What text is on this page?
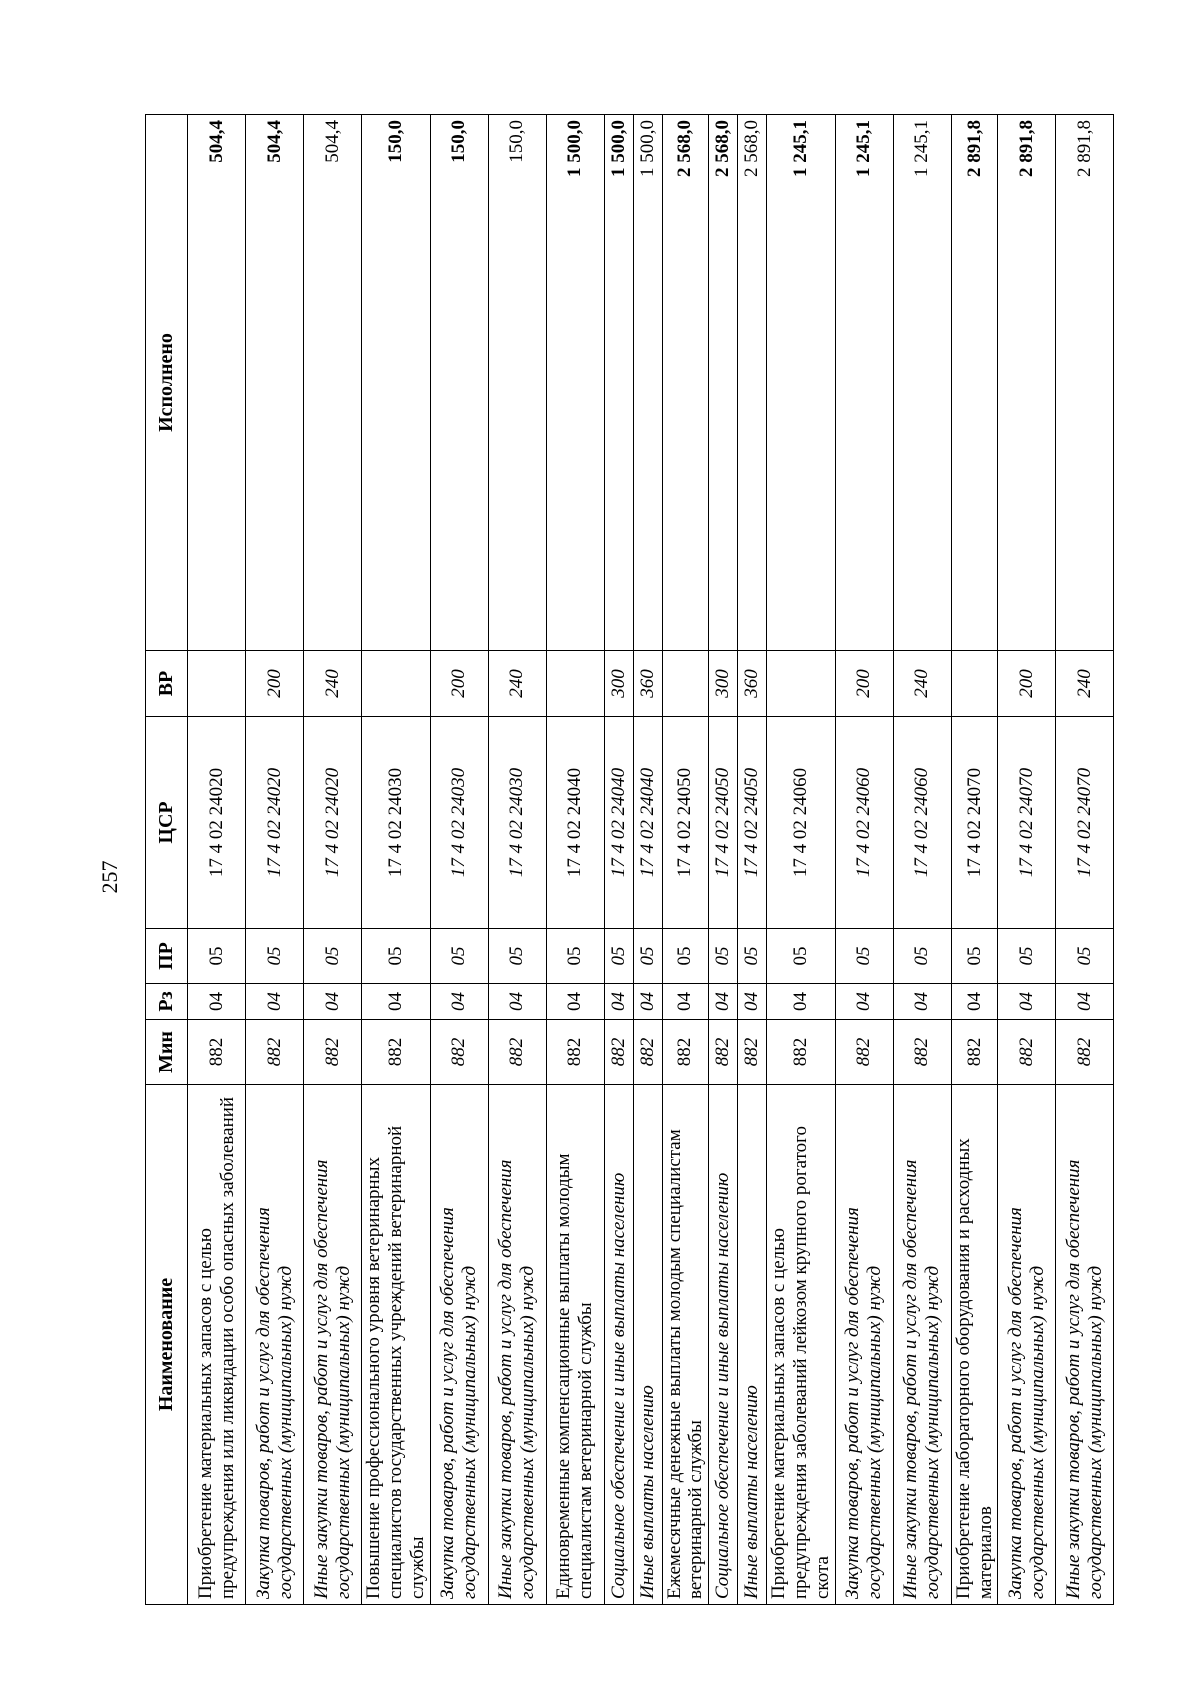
257
Наименование	Мин	Рз	ПР	ЦСР	ВР	Исполнено
Приобретение материальных запасов с целью предупреждения или ликвидации особо опасных заболеваний	882	04	05	17 4 02 24020		504,4
Закупка товаров, работ и услуг для обеспечения государственных (муниципальных) нужд	882	04	05	17 4 02 24020	200	504,4
Иные закупки товаров, работ и услуг для обеспечения государственных (муниципальных) нужд	882	04	05	17 4 02 24020	240	504,4
Повышение профессионального уровня ветеринарных специалистов государственных учреждений ветеринарной службы	882	04	05	17 4 02 24030		150,0
Закупка товаров, работ и услуг для обеспечения государственных (муниципальных) нужд	882	04	05	17 4 02 24030	200	150,0
Иные закупки товаров, работ и услуг для обеспечения государственных (муниципальных) нужд	882	04	05	17 4 02 24030	240	150,0
Единовременные компенсационные выплаты молодым специалистам ветеринарной службы	882	04	05	17 4 02 24040		1 500,0
Социальное обеспечение и иные выплаты населению	882	04	05	17 4 02 24040	300	1 500,0
Иные выплаты населению	882	04	05	17 4 02 24040	360	1 500,0
Ежемесячные денежные выплаты молодым специалистам ветеринарной службы	882	04	05	17 4 02 24050		2 568,0
Социальное обеспечение и иные выплаты населению	882	04	05	17 4 02 24050	300	2 568,0
Иные выплаты населению	882	04	05	17 4 02 24050	360	2 568,0
Приобретение материальных запасов с целью предупреждения заболеваний лейкозом крупного рогатого скота	882	04	05	17 4 02 24060		1 245,1
Закупка товаров, работ и услуг для обеспечения государственных (муниципальных) нужд	882	04	05	17 4 02 24060	200	1 245,1
Иные закупки товаров, работ и услуг для обеспечения государственных (муниципальных) нужд	882	04	05	17 4 02 24060	240	1 245,1
Приобретение лабораторного оборудования и расходных материалов	882	04	05	17 4 02 24070		2 891,8
Закупка товаров, работ и услуг для обеспечения государственных (муниципальных) нужд	882	04	05	17 4 02 24070	200	2 891,8
Иные закупки товаров, работ и услуг для обеспечения государственных (муниципальных) нужд	882	04	05	17 4 02 24070	240	2 891,8
